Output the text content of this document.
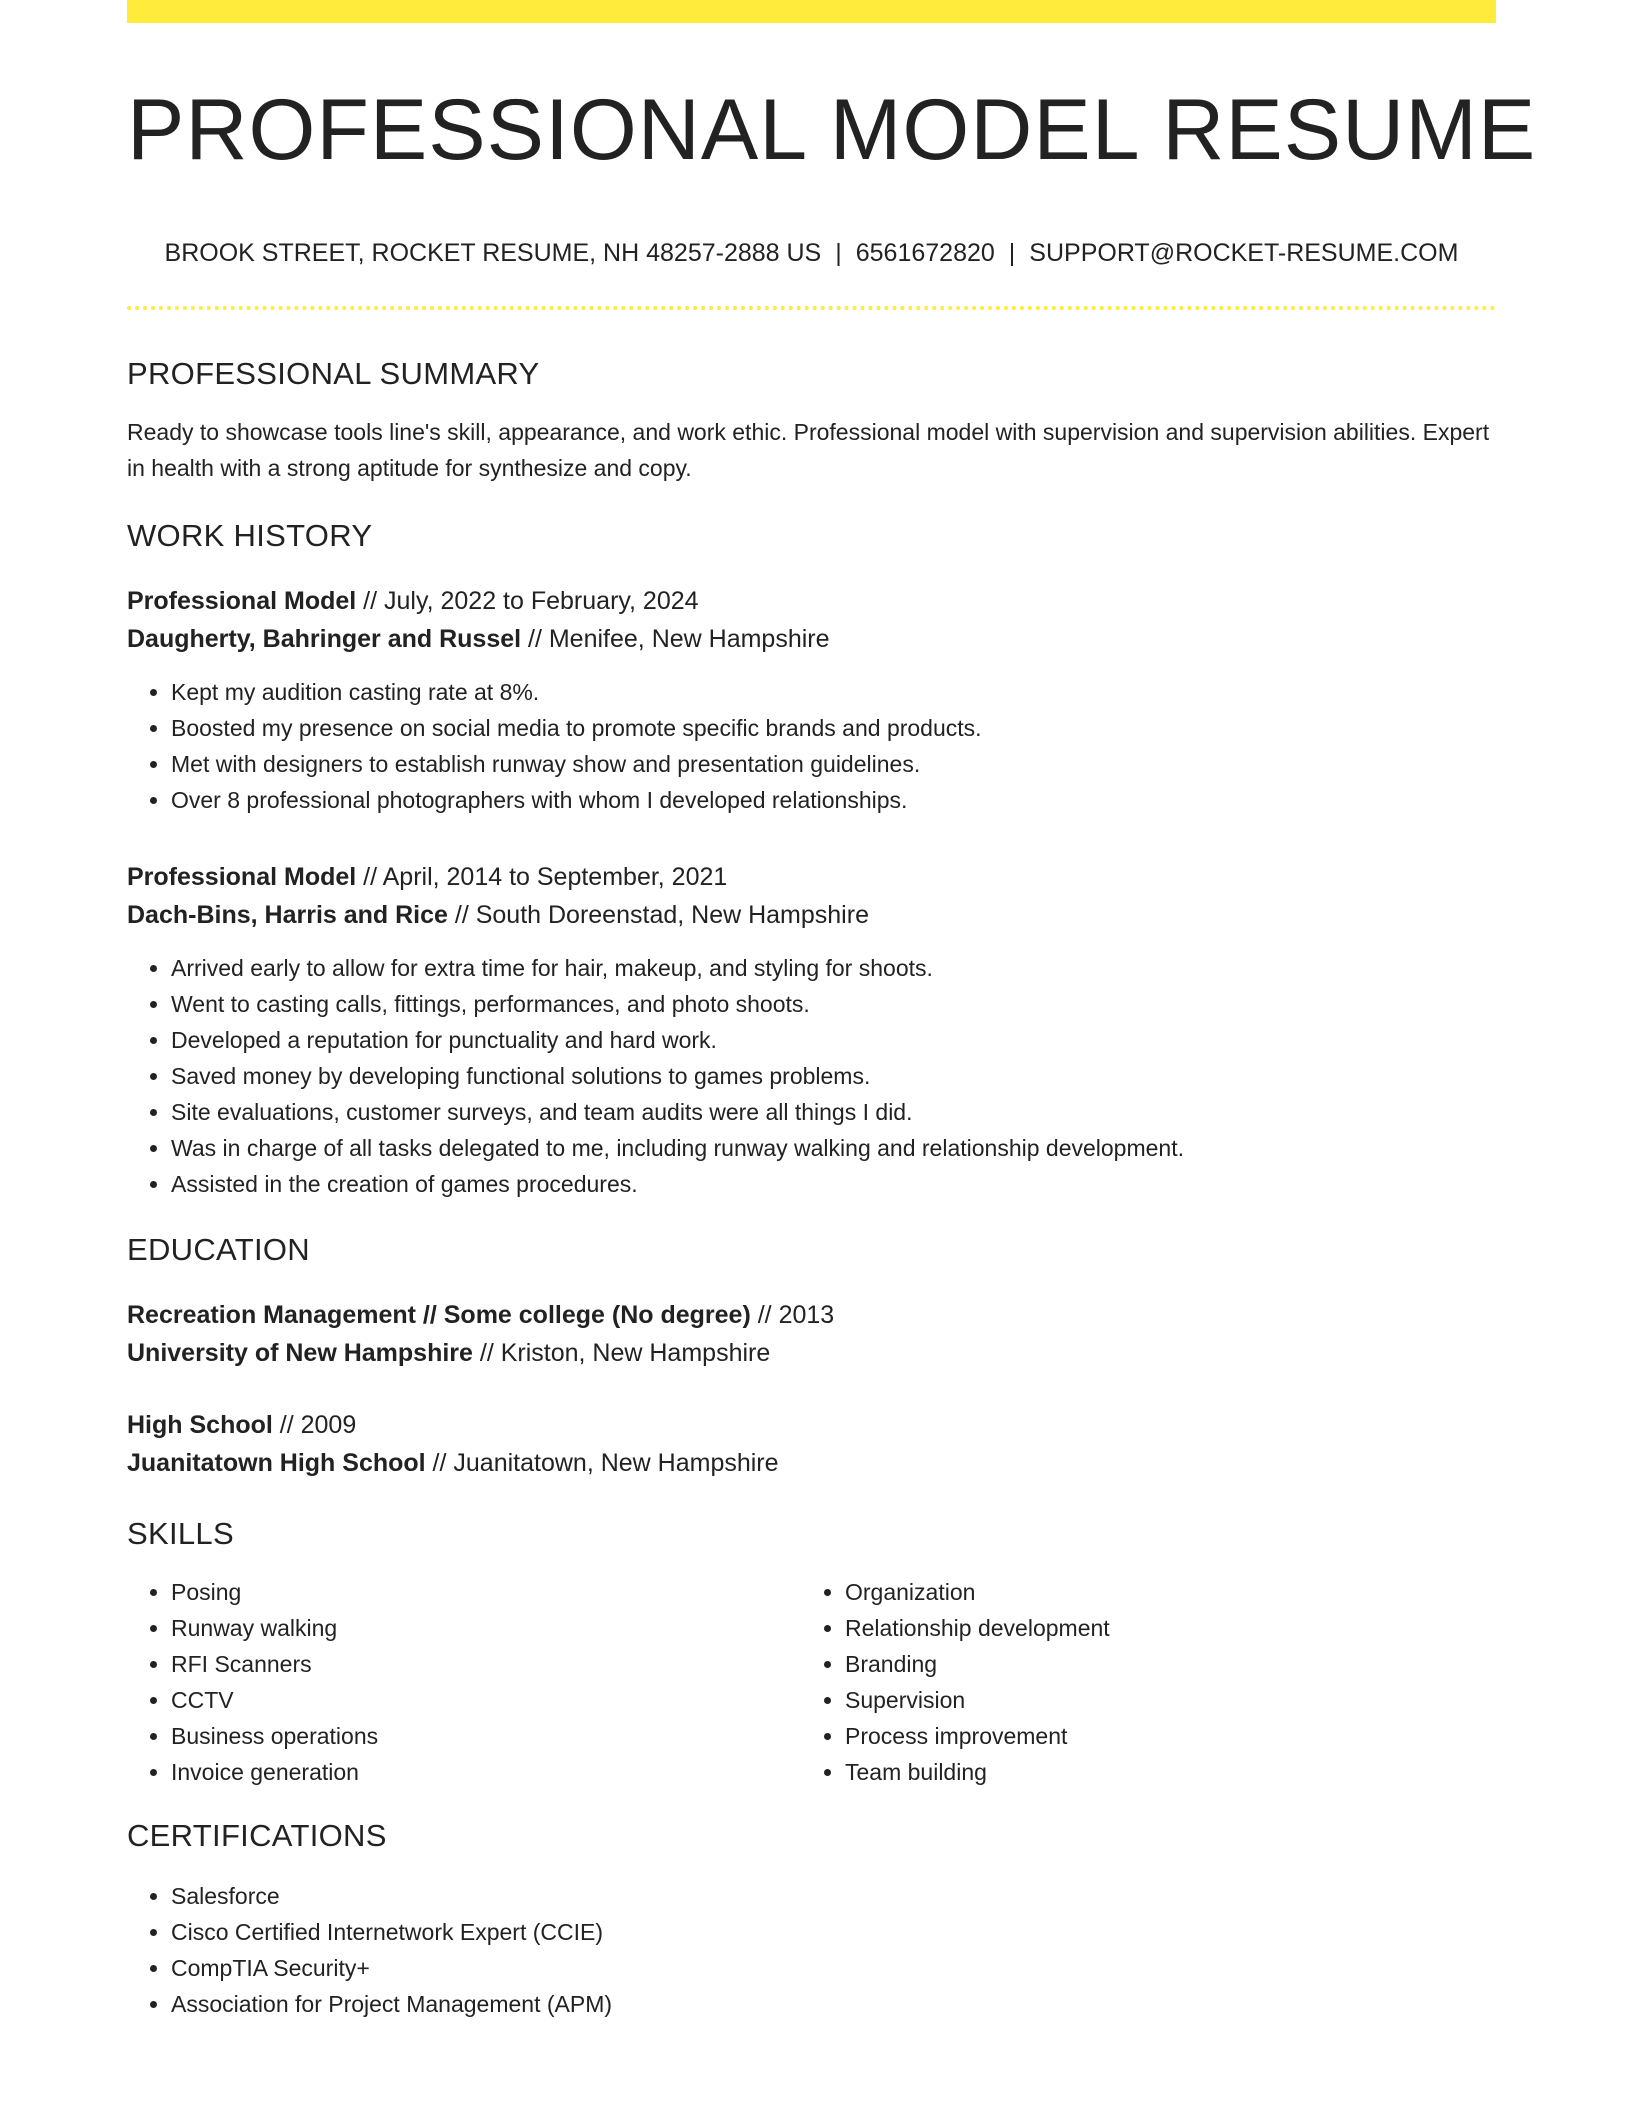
PROFESSIONAL MODEL RESUME
BROOK STREET, ROCKET RESUME, NH 48257-2888 US | 6561672820 | SUPPORT@ROCKET-RESUME.COM
PROFESSIONAL SUMMARY
Ready to showcase tools line's skill, appearance, and work ethic. Professional model with supervision and supervision abilities. Expert in health with a strong aptitude for synthesize and copy.
WORK HISTORY
Professional Model // July, 2022 to February, 2024
Daugherty, Bahringer and Russel // Menifee, New Hampshire
• Kept my audition casting rate at 8%.
• Boosted my presence on social media to promote specific brands and products.
• Met with designers to establish runway show and presentation guidelines.
• Over 8 professional photographers with whom I developed relationships.
Professional Model // April, 2014 to September, 2021
Dach-Bins, Harris and Rice // South Doreenstad, New Hampshire
• Arrived early to allow for extra time for hair, makeup, and styling for shoots.
• Went to casting calls, fittings, performances, and photo shoots.
• Developed a reputation for punctuality and hard work.
• Saved money by developing functional solutions to games problems.
• Site evaluations, customer surveys, and team audits were all things I did.
• Was in charge of all tasks delegated to me, including runway walking and relationship development.
• Assisted in the creation of games procedures.
EDUCATION
Recreation Management // Some college (No degree) // 2013
University of New Hampshire // Kriston, New Hampshire
High School // 2009
Juanitatown High School // Juanitatown, New Hampshire
SKILLS
• Posing
• Runway walking
• RFI Scanners
• CCTV
• Business operations
• Invoice generation
• Organization
• Relationship development
• Branding
• Supervision
• Process improvement
• Team building
CERTIFICATIONS
• Salesforce
• Cisco Certified Internetwork Expert (CCIE)
• CompTIA Security+
• Association for Project Management (APM)
